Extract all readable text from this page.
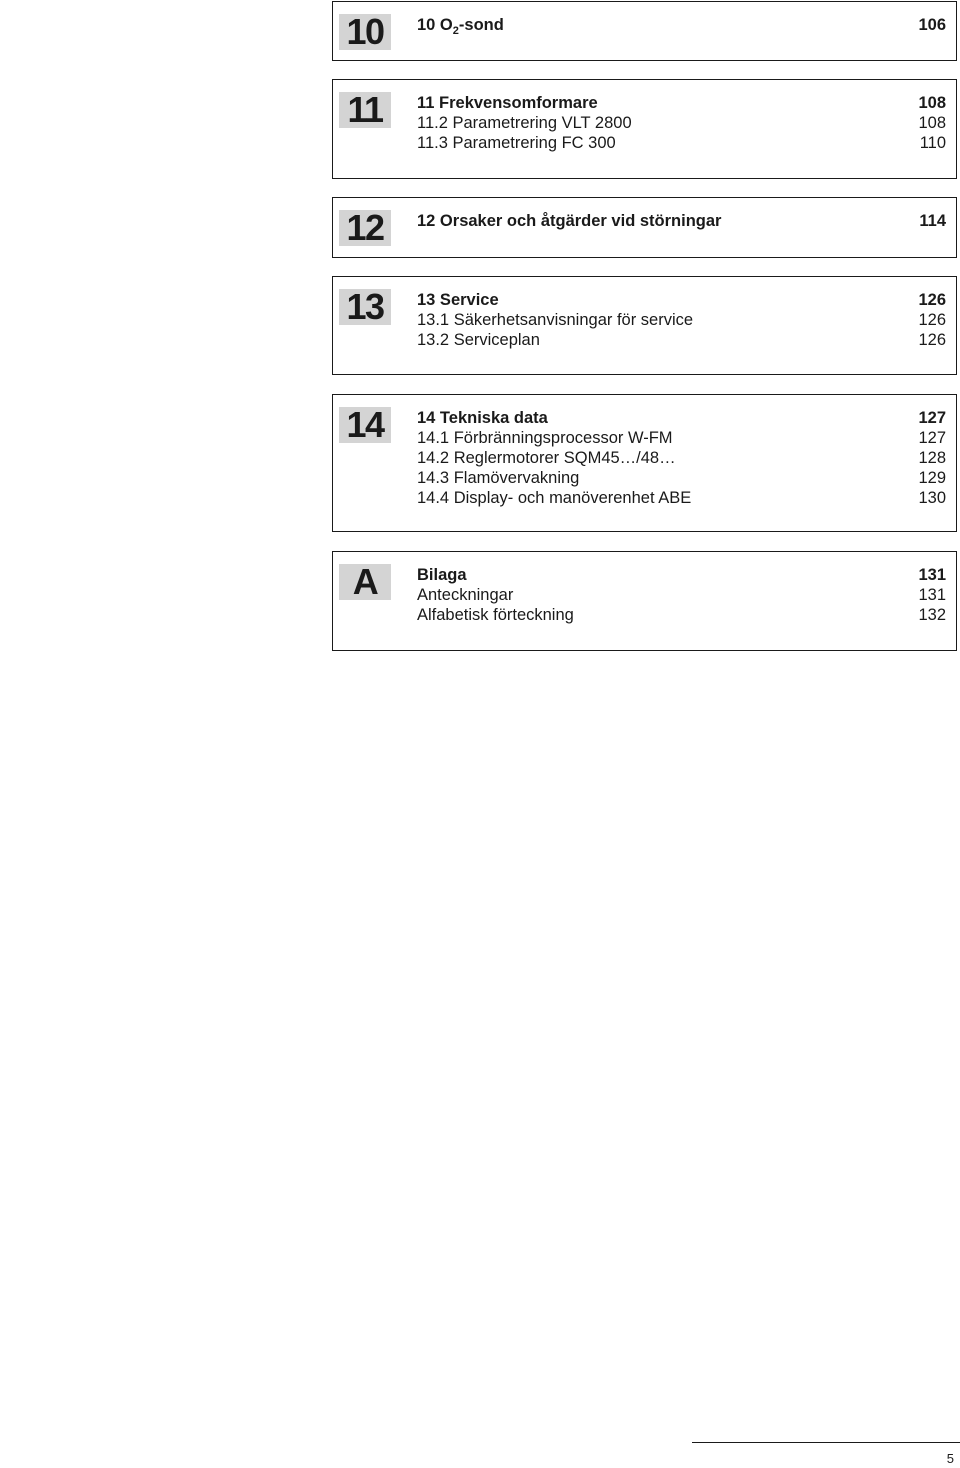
10	10 $O_2$-sond	106
11	11 Frekvensomformare	108
11.2 Parametrering VLT 2800	108
11.3 Parametrering FC 300	110
12	12 Orsaker och åtgärder vid störningar	114
13	13 Service	126
13.1 Säkerhetsanvisningar för service	126
13.2 Serviceplan	126
14	14 Tekniska data	127
14.1 Förbränningsprocessor W-FM	127
14.2 Reglermotorer SQM45…/48…	128
14.3 Flamövervakning	129
14.4 Display- och manöverenhet ABE	130
A	Bilaga	131
Anteckningar	131
Alfabetisk förteckning	132
5
